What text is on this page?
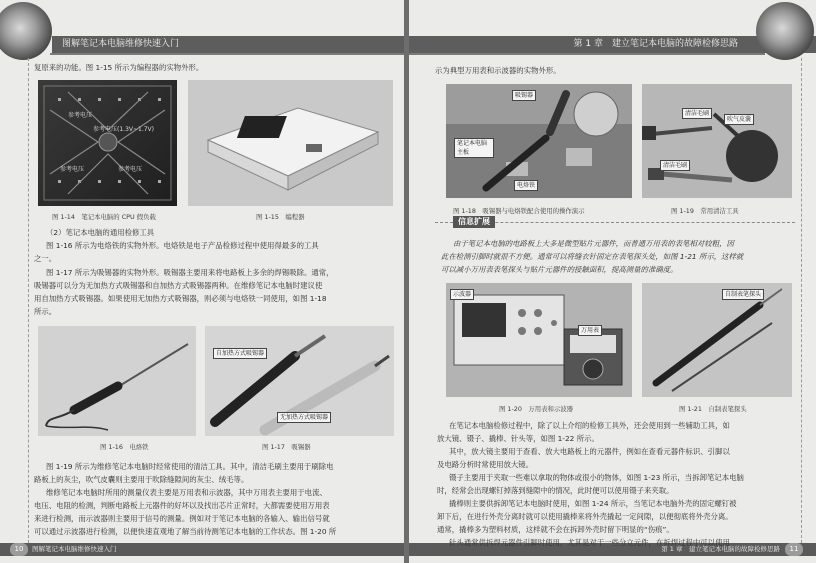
图解笔记本电脑维修快速入门
复原来的功能。图 1-15 所示为编程器的实物外形。
参考电压
参考电压(1.3V~1.7V)
参考电压	参考电压
图 1-14　笔记本电脑的 CPU 假负载	图 1-15　编程器
（2）笔记本电脑的通用检修工具
图 1-16 所示为电烙铁的实物外形。电烙铁是电子产品检修过程中使用得最多的工具
之一。
图 1-17 所示为吸锡器的实物外形。吸锡器主要用来将电路板上多余的焊锡吸除。通常，
吸锡器可以分为无加热方式吸锡器和自加热方式吸锡器两种。在维修笔记本电脑时建议使
用自加热方式吸锡器。如果使用无加热方式吸锡器，则必须与电烙铁一同使用，如图 1-18
所示。
图 1-16　电烙铁
自加热方式吸锡器
无加热方式吸锡器
图 1-17　吸锡器
图 1-19 所示为维修笔记本电脑时经常使用的清洁工具。其中，清洁毛刷主要用于刷除电
路板上的灰尘，吹气皮囊则主要用于吹除缝隙间的灰尘、绒毛等。
维修笔记本电脑时所用的测量仪表主要是万用表和示波器，其中万用表主要用于电流、
电压、电阻的检测，判断电路板上元器件的好坏以及找出芯片正常时，大都需要使用万用表
来进行检测，而示波器则主要用于信号的测量。例如对于笔记本电脑的各输入、输出信号就
可以通过示波器进行检测，以便快速直观地了解当前待测笔记本电脑的工作状态。图 1-20 所
图解笔记本电脑维修快速入门
10
第 1 章　建立笔记本电脑的故障检修思路
示为典型万用表和示波器的实物外形。
吸锡器
笔记本电脑主板
电烙铁
图 1-18　吸锡器与电烙铁配合使用的操作演示
清洁毛刷
吹气皮囊
清洁毛刷
图 1-19　常用清洁工具
信息扩展
由于笔记本电脑的电路板上大多是微型贴片元器件，而普通万用表的表笔相对较粗，因
此在检测引脚时就很不方便。通常可以将缝衣针固定在表笔探头处，如图 1-21 所示，这样就
可以减小万用表表笔探头与贴片元器件的接触面积，提高测量的准确度。
示波器
万用表
图 1-20　万用表和示波器
自制表笔探头
图 1-21　自制表笔探头
在笔记本电脑检修过程中，除了以上介绍的检修工具外，还会使用到一些辅助工具，如
放大镜、镊子、撬棒、针头等，如图 1-22 所示。
其中，放大镜主要用于查看、放大电路板上的元器件，例如在查看元器件标识、引脚以
及电路分析时常使用放大镜。
镊子主要用于夹取一些难以拿取的物体或很小的物体，如图 1-23 所示，当拆卸笔记本电脑
时，经常会出现螺钉掉落到缝隙中的情况，此时便可以使用镊子来夹取。
撬棒则主要供拆卸笔记本电脑时使用，如图 1-24 所示，当笔记本电脑外壳的固定螺钉被
卸下后，在进行外壳分离时就可以使用撬棒来将外壳撬起一定间隙，以便彻底将外壳分离。
通常，撬棒多为塑料材质，这样就不会在拆卸外壳时留下明显的“伤痕”。
针头通常供拆焊元器件引脚时使用，尤其是对于一些分立元件，在拆焊过程中可以使用
第 1 章　建立笔记本电脑的故障检修思路	11
